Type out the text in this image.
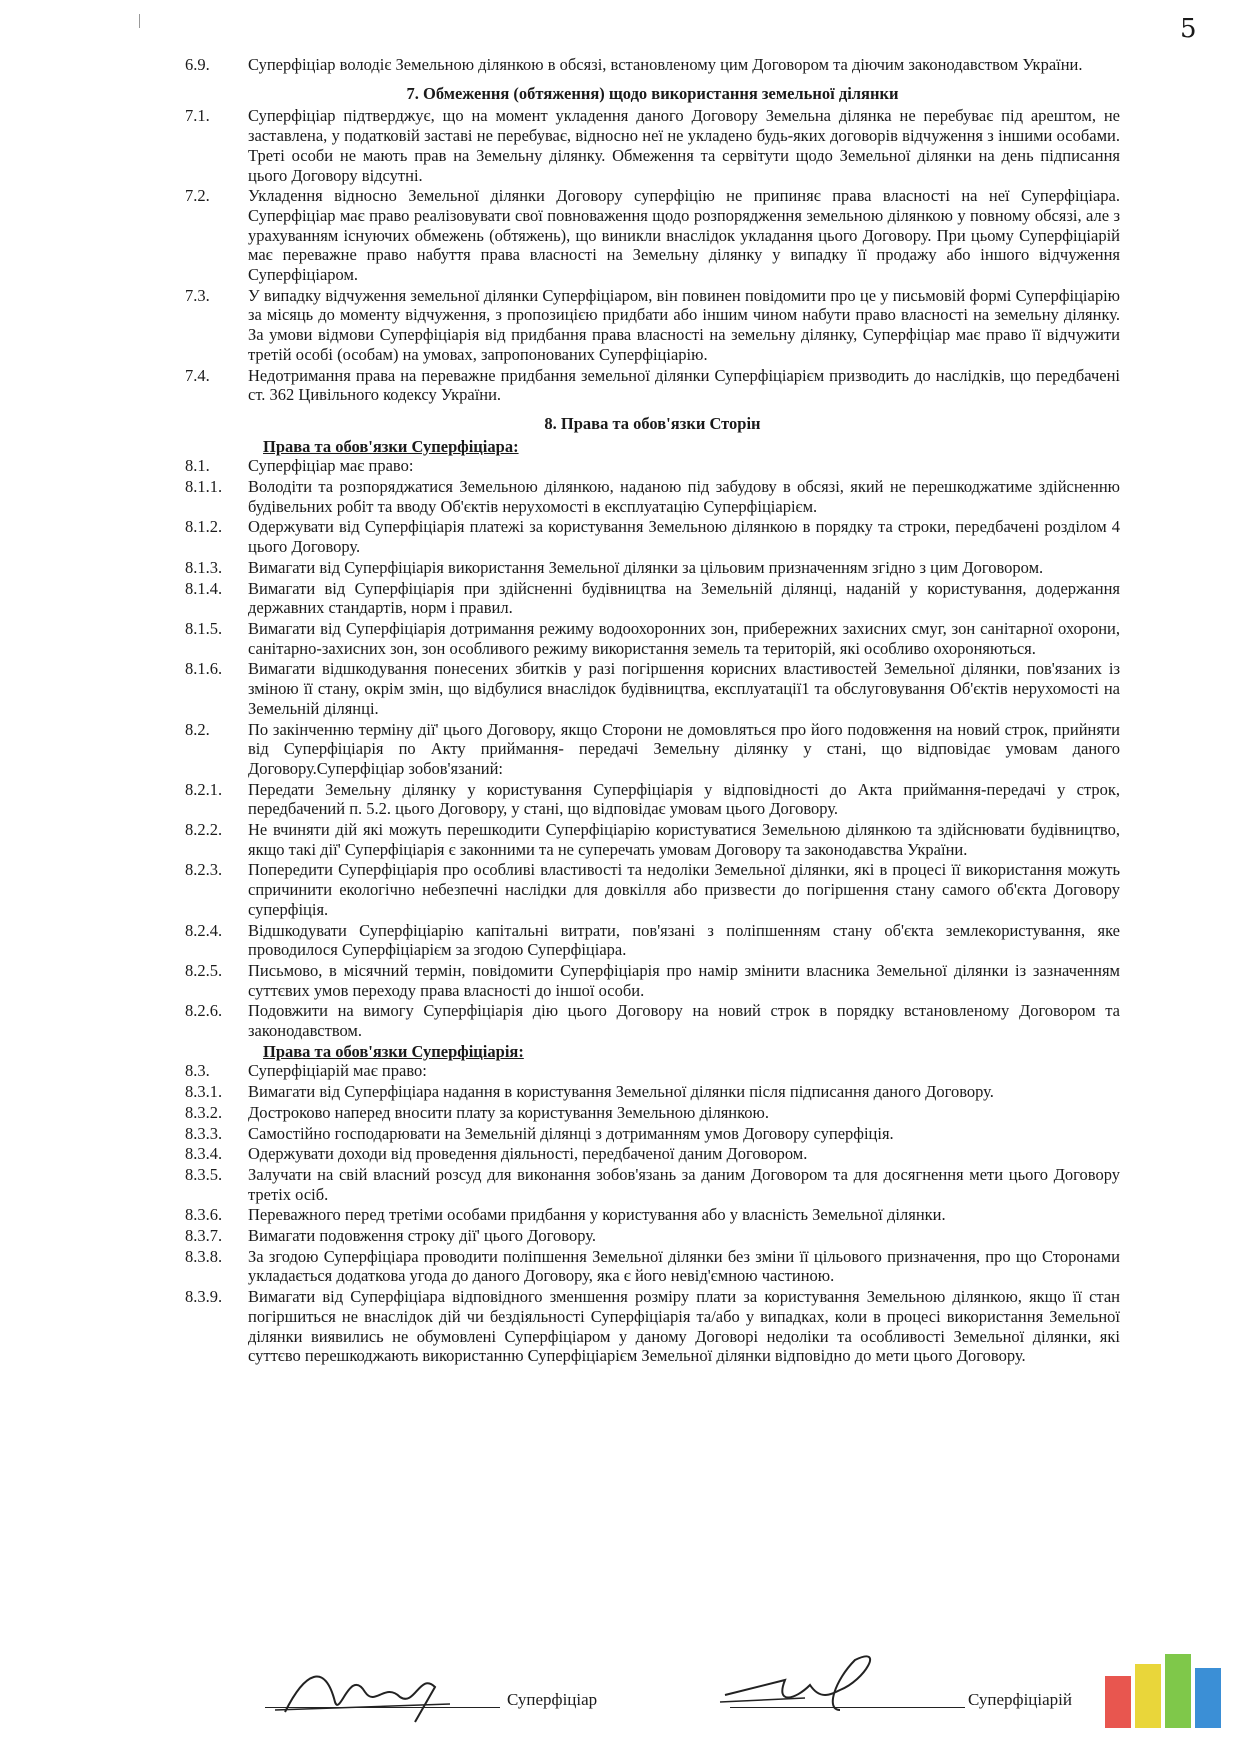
5
6.9.	Суперфіціар володіє Земельною ділянкою в обсязі, встановленому цим Договором та діючим законодавством України.
7. Обмеження (обтяження) щодо використання земельної ділянки
7.1.	Суперфіціар підтверджує, що на момент укладення даного Договору Земельна ділянка не перебуває під арештом, не заставлена, у податковій заставі не перебуває, відносно неї не укладено будь-яких договорів відчуження з іншими особами. Треті особи не мають прав на Земельну ділянку. Обмеження та сервітути щодо Земельної ділянки на день підписання цього Договору відсутні.
7.2.	Укладення відносно Земельної ділянки Договору суперфіцію не припиняє права власності на неї Суперфіціара. Суперфіціар має право реалізовувати свої повноваження щодо розпорядження земельною ділянкою у повному обсязі, але з урахуванням існуючих обмежень (обтяжень), що виникли внаслідок укладання цього Договору. При цьому Суперфіціарій має переважне право набуття права власності на Земельну ділянку у випадку її продажу або іншого відчуження Суперфіціаром.
7.3.	У випадку відчуження земельної ділянки Суперфіціаром, він повинен повідомити про це у письмовій формі Суперфіціарію за місяць до моменту відчуження, з пропозицією придбати або іншим чином набути право власності на земельну ділянку. За умови відмови Суперфіціарія від придбання права власності на земельну ділянку, Суперфіціар має право її відчужити третій особі (особам) на умовах, запропонованих Суперфіціарію.
7.4.	Недотримання права на переважне придбання земельної ділянки Суперфіціарієм призводить до наслідків, що передбачені ст. 362 Цивільного кодексу України.
8. Права та обов'язки Сторін
Права та обов'язки Суперфіціара:
8.1.	Суперфіціар має право:
8.1.1.	Володіти та розпоряджатися Земельною ділянкою, наданою під забудову в обсязі, який не перешкоджатиме здійсненню будівельних робіт та вводу Об'єктів нерухомості в експлуатацію Суперфіціарієм.
8.1.2.	Одержувати від Суперфіціарія платежі за користування Земельною ділянкою в порядку та строки, передбачені розділом 4 цього Договору.
8.1.3.	Вимагати від Суперфіціарія використання Земельної ділянки за цільовим призначенням згідно з цим Договором.
8.1.4.	Вимагати від Суперфіціарія при здійсненні будівництва на Земельній ділянці, наданій у користування, додержання державних стандартів, норм і правил.
8.1.5.	Вимагати від Суперфіціарія дотримання режиму водоохоронних зон, прибережних захисних смуг, зон санітарної охорони, санітарно-захисних зон, зон особливого режиму використання земель та територій, які особливо охороняються.
8.1.6.	Вимагати відшкодування понесених збитків у разі погіршення корисних властивостей Земельної ділянки, пов'язаних із зміною її стану, окрім змін, що відбулися внаслідок будівництва, експлуатації1 та обслуговування Об'єктів нерухомості на Земельній ділянці.
8.2.	По закінченню терміну дії' цього Договору, якщо Сторони не домовляться про його подовження на новий строк, прийняти від Суперфіціарія по Акту приймання- передачі Земельну ділянку у стані, що відповідає умовам даного Договору.Суперфіціар зобов'язаний:
8.2.1.	Передати Земельну ділянку у користування Суперфіціарія у відповідності до Акта приймання-передачі у строк, передбачений п. 5.2. цього Договору, у стані, що відповідає умовам цього Договору.
8.2.2.	Не вчиняти дій які можуть перешкодити Суперфіціарію користуватися Земельною ділянкою та здійснювати будівництво, якщо такі дії' Суперфіціарія є законними та не суперечать умовам Договору та законодавства України.
8.2.3.	Попередити Суперфіціарія про особливі властивості та недоліки Земельної ділянки, які в процесі її використання можуть спричинити екологічно небезпечні наслідки для довкілля або призвести до погіршення стану самого об'єкта Договору суперфіція.
8.2.4.	Відшкодувати Суперфіціарію капітальні витрати, пов'язані з поліпшенням стану об'єкта землекористування, яке проводилося Суперфіціарієм за згодою Суперфіціара.
8.2.5.	Письмово, в місячний термін, повідомити Суперфіціарія про намір змінити власника Земельної ділянки із зазначенням суттєвих умов переходу права власності до іншої особи.
8.2.6.	Подовжити на вимогу Суперфіціарія дію цього Договору на новий строк в порядку встановленому Договором та законодавством.
Права та обов'язки Суперфіціарія:
8.3.	Суперфіціарій має право:
8.3.1.	Вимагати від Суперфіціара надання в користування Земельної ділянки після підписання даного Договору.
8.3.2.	Достроково наперед вносити плату за користування Земельною ділянкою.
8.3.3.	Самостійно господарювати на Земельній ділянці з дотриманням умов Договору суперфіція.
8.3.4.	Одержувати доходи від проведення діяльності, передбаченої даним Договором.
8.3.5.	Залучати на свій власний розсуд для виконання зобов'язань за даним Договором та для досягнення мети цього Договору третіх осіб.
8.3.6.	Переважного перед третіми особами придбання у користування або у власність Земельної ділянки.
8.3.7.	Вимагати подовження строку дії' цього Договору.
8.3.8.	За згодою Суперфіціара проводити поліпшення Земельної ділянки без зміни її цільового призначення, про що Сторонами укладається додаткова угода до даного Договору, яка є його невід'ємною частиною.
8.3.9.	Вимагати від Суперфіціара відповідного зменшення розміру плати за користування Земельною ділянкою, якщо її стан погіршиться не внаслідок дій чи бездіяльності Суперфіціарія та/або у випадках, коли в процесі використання Земельної ділянки виявились не обумовлені Суперфіціаром у даному Договорі недоліки та особливості Земельної ділянки, які суттєво перешкоджають використанню Суперфіціарієм Земельної ділянки відповідно до мети цього Договору.
Суперфіціар	Суперфіціарій
